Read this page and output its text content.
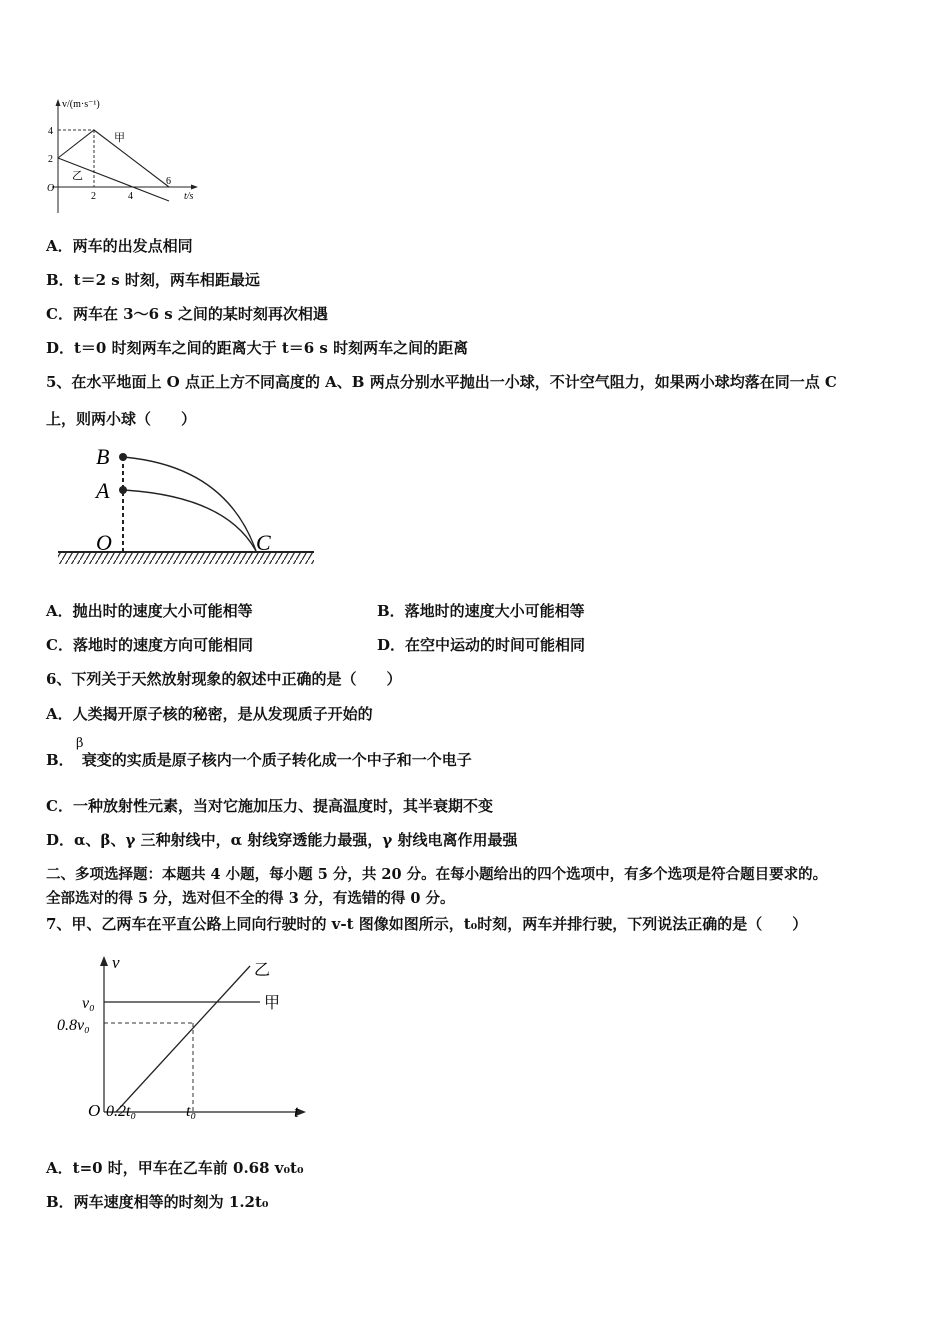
v/(m·s⁻¹)
4
2
O
2	4
6
t/s
甲
乙
A．两车的出发点相同
B．t＝2 s 时刻，两车相距最远
C．两车在 3～6 s 之间的某时刻再次相遇
D．t＝0 时刻两车之间的距离大于 t＝6 s 时刻两车之间的距离
5、在水平地面上 O 点正上方不同高度的 A、B 两点分别水平抛出一小球，不计空气阻力，如果两小球均落在同一点 C
上，则两小球（　　）
B
A
O	C
A．抛出时的速度大小可能相等	B．落地时的速度大小可能相等
C．落地时的速度方向可能相同	D．在空中运动的时间可能相同
6、下列关于天然放射现象的叙述中正确的是（　　）
A．人类揭开原子核的秘密，是从发现质子开始的
B． 衰变的实质是原子核内一个质子转化成一个中子和一个电子
β
C．一种放射性元素，当对它施加压力、提高温度时，其半衰期不变
D．α、β、γ 三种射线中，α 射线穿透能力最强，γ 射线电离作用最强
二、多项选择题：本题共 4 小题，每小题 5 分，共 20 分。在每小题给出的四个选项中，有多个选项是符合题目要求的。
全部选对的得 5 分，选对但不全的得 3 分，有选错的得 0 分。
7、甲、乙两车在平直公路上同向行驶时的 v-t 图像如图所示，t₀时刻，两车并排行驶，下列说法正确的是（　　）
v
t
O
v₀
0.8v₀
0.2t₀	t₀
甲
乙
A．t=0 时，甲车在乙车前 0.68 v₀t₀
B．两车速度相等的时刻为 1.2t₀
